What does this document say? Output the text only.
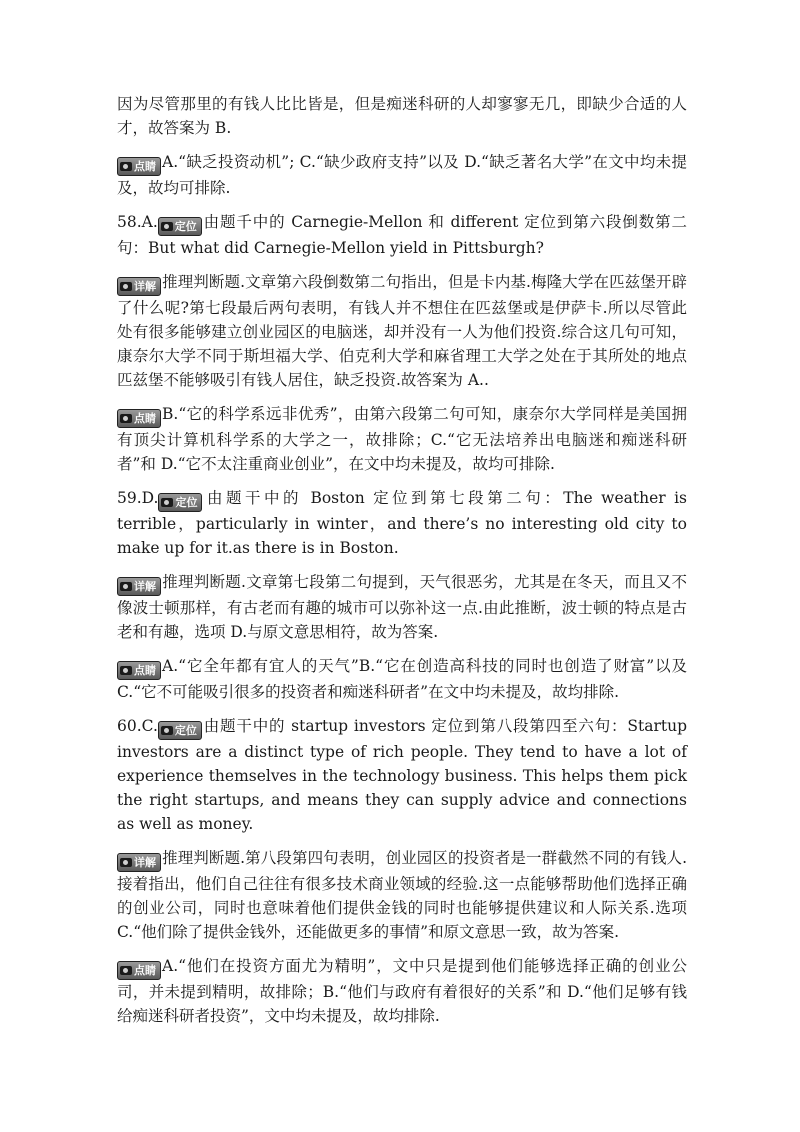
因为尽管那里的有钱人比比皆是，但是痴迷科研的人却寥寥无几，即缺少合适的人才，故答案为 B.

点睛 A.“缺乏投资动机”; C.“缺少政府支持”以及 D.“缺乏著名大学”在文中均未提及，故均可排除.

58.A. 定位 由题千中的 Carnegie-Mellon 和 different 定位到第六段倒数第二句：But what did Carnegie-Mellon yield in Pittsburgh?

详解 推理判断题.文章第六段倒数第二句指出，但是卡内基.梅隆大学在匹兹堡开辟了什么呢?第七段最后两句表明，有钱人并不想住在匹兹堡或是伊萨卡.所以尽管此处有很多能够建立创业园区的电脑迷，却并没有一人为他们投资.综合这几句可知，康奈尔大学不同于斯坦福大学、伯克利大学和麻省理工大学之处在于其所处的地点匹兹堡不能够吸引有钱人居住，缺乏投资.故答案为 A..

点睛 B.“它的科学系远非优秀”，由第六段第二句可知，康奈尔大学同样是美国拥有顶尖计算机科学系的大学之一，故排除；C.“它无法培养出电脑迷和痴迷科研者”和 D.“它不太注重商业创业”，在文中均未提及，故均可排除.

59.D. 定位 由题干中的 Boston 定位到第七段第二句：The weather is terrible，particularly in winter，and there’s no interesting old city to make up for it.as there is in Boston.

详解 推理判断题.文章第七段第二句提到，天气很恶劣，尤其是在冬天，而且又不像波士顿那样，有古老而有趣的城市可以弥补这一点.由此推断，波士顿的特点是古老和有趣，选项 D.与原文意思相符，故为答案.

点睛 A.“它全年都有宜人的天气”B.“它在创造高科技的同时也创造了财富”以及 C.“它不可能吸引很多的投资者和痴迷科研者”在文中均未提及，故均排除.

60.C. 定位 由题干中的 startup investors 定位到第八段第四至六句：Startup investors are a distinct type of rich people. They tend to have a lot of experience themselves in the technology business. This helps them pick the right startups, and means they can supply advice and connections as well as money.

详解 推理判断题.第八段第四句表明，创业园区的投资者是一群截然不同的有钱人.接着指出，他们自己往往有很多技术商业领域的经验.这一点能够帮助他们选择正确的创业公司，同时也意味着他们提供金钱的同时也能够提供建议和人际关系.选项 C.“他们除了提供金钱外，还能做更多的事情”和原文意思一致，故为答案.

点睛 A.“他们在投资方面尤为精明”，文中只是提到他们能够选择正确的创业公司，并未提到精明，故排除；B.“他们与政府有着很好的关系”和 D.“他们足够有钱给痴迷科研者投资”，文中均未提及，故均排除.
